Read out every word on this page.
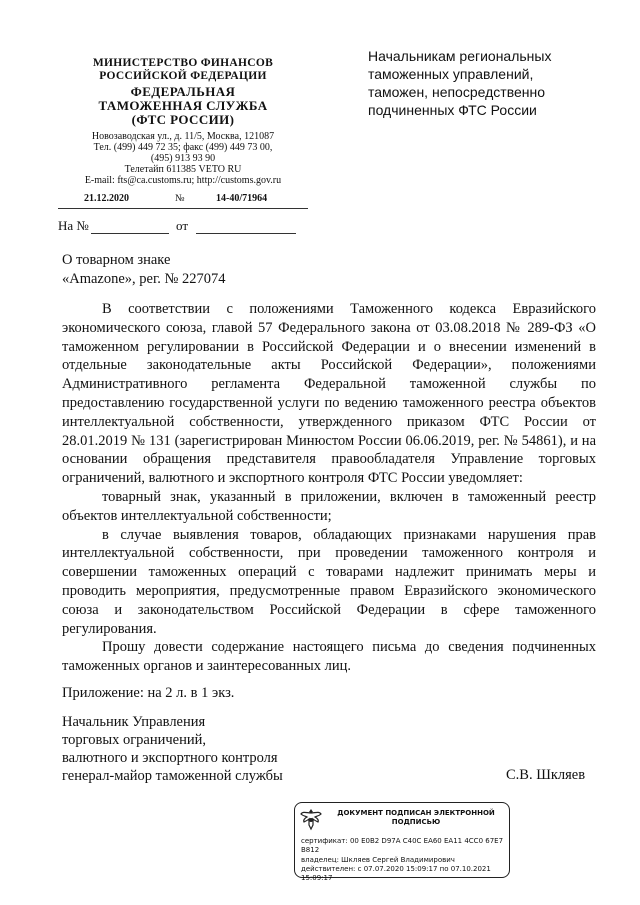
МИНИСТЕРСТВО ФИНАНСОВ
РОССИЙСКОЙ ФЕДЕРАЦИИ
ФЕДЕРАЛЬНАЯ
ТАМОЖЕННАЯ СЛУЖБА
(ФТС РОССИИ)
Новозаводская ул., д. 11/5, Москва, 121087
Тел. (499) 449 72 35; факс (499) 449 73 00,
(495) 913 93 90
Телетайп 611385 VETO RU
E-mail: fts@ca.customs.ru; http://customs.gov.ru
21.12.2020	№	14-40/71964
На №	от
Начальникам региональных
таможенных управлений,
таможен, непосредственно
подчиненных ФТС России
О товарном знаке
«Amazone», рег. № 227074

В соответствии с положениями Таможенного кодекса Евразийского экономического союза, главой 57 Федерального закона от 03.08.2018 № 289-ФЗ «О таможенном регулировании в Российской Федерации и о внесении изменений в отдельные законодательные акты Российской Федерации», положениями Административного регламента Федеральной таможенной службы по предоставлению государственной услуги по ведению таможенного реестра объектов интеллектуальной собственности, утвержденного приказом ФТС России от 28.01.2019 № 131 (зарегистрирован Минюстом России 06.06.2019, рег. № 54861), и на основании обращения представителя правообладателя Управление торговых ограничений, валютного и экспортного контроля ФТС России уведомляет:

товарный знак, указанный в приложении, включен в таможенный реестр объектов интеллектуальной собственности;

в случае выявления товаров, обладающих признаками нарушения прав интеллектуальной собственности, при проведении таможенного контроля и совершении таможенных операций с товарами надлежит принимать меры и проводить мероприятия, предусмотренные правом Евразийского экономического союза и законодательством Российской Федерации в сфере таможенного регулирования.

Прошу довести содержание настоящего письма до сведения подчиненных таможенных органов и заинтересованных лиц.

Приложение: на 2 л. в 1 экз.
Начальник Управления
торговых ограничений,
валютного и экспортного контроля
генерал-майор таможенной службы	С.В. Шкляев
ДОКУМЕНТ ПОДПИСАН ЭЛЕКТРОННОЙ
ПОДПИСЬЮ
сертификат: 00 E0B2 D97A C40C EA60 EA11 4CC0 67E7
B812
владелец: Шкляев Сергей Владимирович
действителен: с 07.07.2020 15:09:17 по 07.10.2021 15:09:17
